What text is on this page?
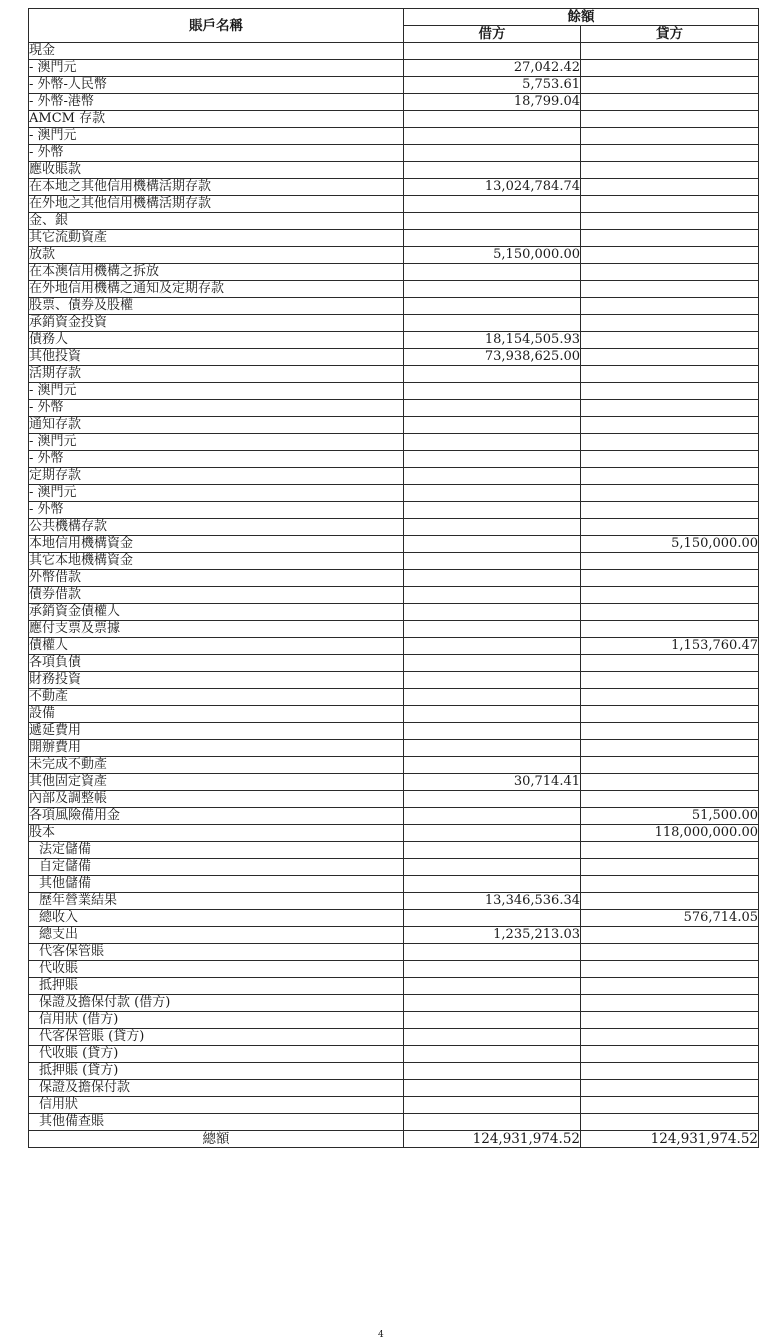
賬戶名稱	餘額	
	借方	貸方
現金		
- 澳門元	27,042.42	
- 外幣-人民幣	5,753.61	
- 外幣-港幣	18,799.04	
AMCM 存款		
- 澳門元		
- 外幣		
應收賬款		
在本地之其他信用機構活期存款	13,024,784.74	
在外地之其他信用機構活期存款		
金、銀		
其它流動資產		
放款	5,150,000.00	
在本澳信用機構之拆放		
在外地信用機構之通知及定期存款		
股票、債券及股權		
承銷資金投資		
債務人	18,154,505.93	
其他投資	73,938,625.00	
活期存款		
- 澳門元		
- 外幣		
通知存款		
- 澳門元		
- 外幣		
定期存款		
- 澳門元		
- 外幣		
公共機構存款		
本地信用機構資金		5,150,000.00
其它本地機構資金		
外幣借款		
債券借款		
承銷資金債權人		
應付支票及票據		
債權人		1,153,760.47
各項負債		
財務投資		
不動產		
設備		
遞延費用		
開辦費用		
未完成不動產		
其他固定資產	30,714.41	
內部及調整帳		
各項風險備用金		51,500.00
股本		118,000,000.00
法定儲備		
自定儲備		
其他儲備		
歷年營業結果	13,346,536.34	
總收入		576,714.05
總支出	1,235,213.03	
代客保管賬		
代收賬		
抵押賬		
保證及擔保付款 (借方)		
信用狀 (借方)		
代客保管賬 (貸方)		
代收賬 (貸方)		
抵押賬 (貸方)		
保證及擔保付款		
信用狀		
其他備查賬		
總額	124,931,974.52	124,931,974.52
4
